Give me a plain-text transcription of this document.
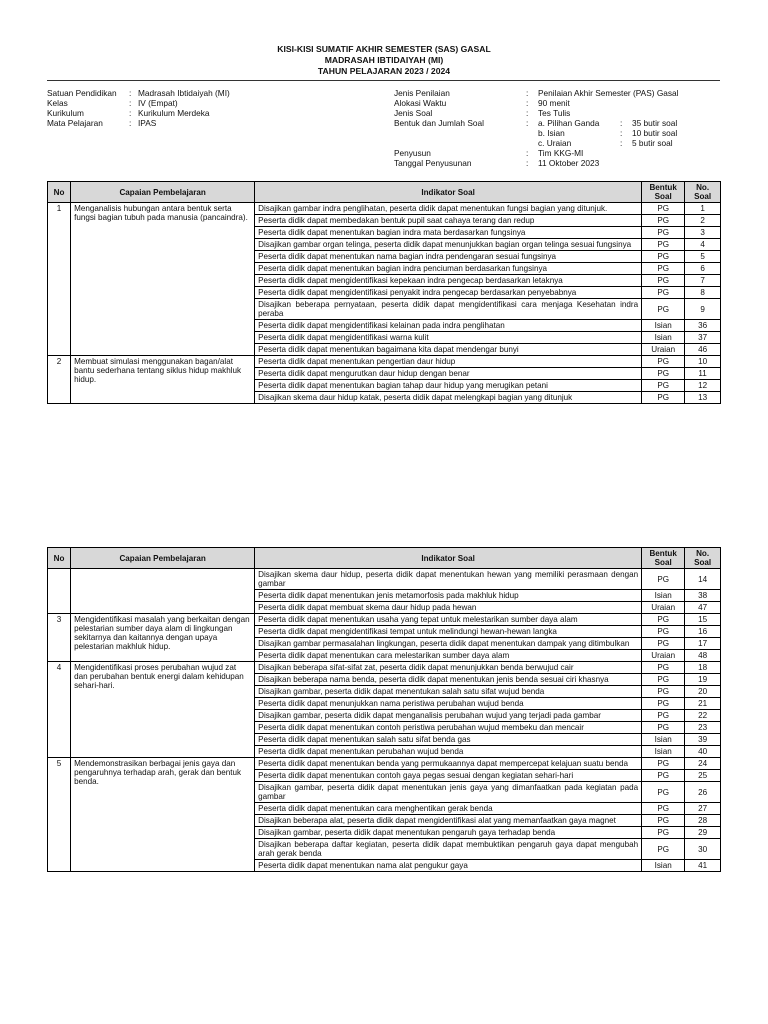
KISI-KISI SUMATIF AKHIR SEMESTER (SAS) GASAL
MADRASAH IBTIDAIYAH (MI)
TAHUN PELAJARAN 2023 / 2024
Satuan Pendidikan	:	Madrasah Ibtidaiyah (MI)
Kelas	:	IV (Empat)
Kurikulum	:	Kurikulum Merdeka
Mata Pelajaran	:	IPAS
Jenis Penilaian	:	Penilaian Akhir Semester (PAS) Gasal		
Alokasi Waktu	:	90 menit		
Jenis Soal	:	Tes Tulis		
Bentuk dan Jumlah Soal	:	a. Pilihan Ganda	:	35 butir soal
		b. Isian	:	10 butir soal
		c. Uraian	:	5 butir soal
Penyusun	:	Tim KKG-MI		
Tanggal Penyusunan	:	11 Oktober 2023		
No	Capaian Pembelajaran	Indikator Soal	Bentuk Soal	No. Soal
1	Menganalisis hubungan antara bentuk serta fungsi bagian tubuh pada manusia (pancaindra).	Disajikan gambar indra penglihatan, peserta didik dapat menentukan fungsi bagian yang ditunjuk.	PG	1
		Peserta didik dapat membedakan bentuk pupil saat cahaya terang dan redup	PG	2
		Peserta didik dapat menentukan bagian indra mata berdasarkan fungsinya	PG	3
		Disajikan gambar organ telinga, peserta didik dapat menunjukkan bagian organ telinga sesuai fungsinya	PG	4
		Peserta didik dapat menentukan nama bagian indra pendengaran sesuai fungsinya	PG	5
		Peserta didik dapat menentukan bagian indra penciuman berdasarkan fungsinya	PG	6
		Peserta didik dapat mengidentifikasi kepekaan indra pengecap berdasarkan letaknya	PG	7
		Peserta didik dapat mengidentifikasi penyakit indra pengecap berdasarkan penyebabnya	PG	8
		Disajikan beberapa pernyataan, peserta didik dapat mengidentifikasi cara menjaga Kesehatan indra peraba	PG	9
		Peserta didik dapat mengidentifikasi kelainan pada indra penglihatan	Isian	36
		Peserta didik dapat mengidentifikasi warna kulit	Isian	37
		Peserta didik dapat menentukan bagaimana kita dapat mendengar bunyi	Uraian	46
2	Membuat simulasi menggunakan bagan/alat bantu sederhana tentang siklus hidup makhluk hidup.	Peserta didik dapat menentukan pengertian daur hidup	PG	10
		Peserta didik dapat mengurutkan daur hidup dengan benar	PG	11
		Peserta didik dapat menentukan bagian tahap daur hidup yang merugikan petani	PG	12
		Disajikan skema daur hidup katak, peserta didik dapat melengkapi bagian yang ditunjuk	PG	13
No	Capaian Pembelajaran	Indikator Soal	Bentuk Soal	No. Soal
		Disajikan skema daur hidup, peserta didik dapat menentukan hewan yang memiliki perasmaan dengan gambar	PG	14
		Peserta didik dapat menentukan jenis metamorfosis pada makhluk hidup	Isian	38
		Peserta didik dapat membuat skema daur hidup pada hewan	Uraian	47
3	Mengidentifikasi masalah yang berkaitan dengan pelestarian sumber daya alam di lingkungan sekitarnya dan kaitannya dengan upaya pelestarian makhluk hidup.	Peserta didik dapat menentukan usaha yang tepat untuk melestarikan sumber daya alam	PG	15
		Peserta didik dapat mengidentifikasi tempat untuk melindungi hewan-hewan langka	PG	16
		Disajikan gambar permasalahan lingkungan, peserta didik dapat menentukan dampak yang ditimbulkan	PG	17
		Peserta didik dapat menentukan cara melestarikan sumber daya alam	Uraian	48
4	Mengidentifikasi proses perubahan wujud zat dan perubahan bentuk energi dalam kehidupan sehari-hari.	Disajikan beberapa sifat-sifat zat, peserta didik dapat menunjukkan benda berwujud cair	PG	18
		Disajikan beberapa nama benda, peserta didik dapat menentukan jenis benda sesuai ciri khasnya	PG	19
		Disajikan gambar, peserta didik dapat menentukan salah satu sifat wujud benda	PG	20
		Peserta didik dapat menunjukkan nama peristiwa perubahan wujud benda	PG	21
		Disajikan gambar, peserta didik dapat menganalisis perubahan wujud yang terjadi pada gambar	PG	22
		Peserta didik dapat menentukan contoh peristiwa perubahan wujud membeku dan mencair	PG	23
		Peserta didik dapat menentukan salah satu sifat benda gas	Isian	39
		Peserta didik dapat menentukan perubahan wujud benda	Isian	40
5	Mendemonstrasikan berbagai jenis gaya dan pengaruhnya terhadap arah, gerak dan bentuk benda.	Peserta didik dapat menentukan benda yang permukaannya dapat mempercepat kelajuan suatu benda	PG	24
		Peserta didik dapat menentukan contoh gaya pegas sesuai dengan kegiatan sehari-hari	PG	25
		Disajikan gambar, peserta didik dapat menentukan jenis gaya yang dimanfaatkan pada kegiatan pada gambar	PG	26
		Peserta didik dapat menentukan cara menghentikan gerak benda	PG	27
		Disajikan beberapa alat, peserta didik dapat mengidentifikasi alat yang memanfaatkan gaya magnet	PG	28
		Disajikan gambar, peserta didik dapat menentukan pengaruh gaya terhadap benda	PG	29
		Disajikan beberapa daftar kegiatan, peserta didik dapat membuktikan pengaruh gaya dapat mengubah arah gerak benda	PG	30
		Peserta didik dapat menentukan nama alat pengukur gaya	Isian	41
